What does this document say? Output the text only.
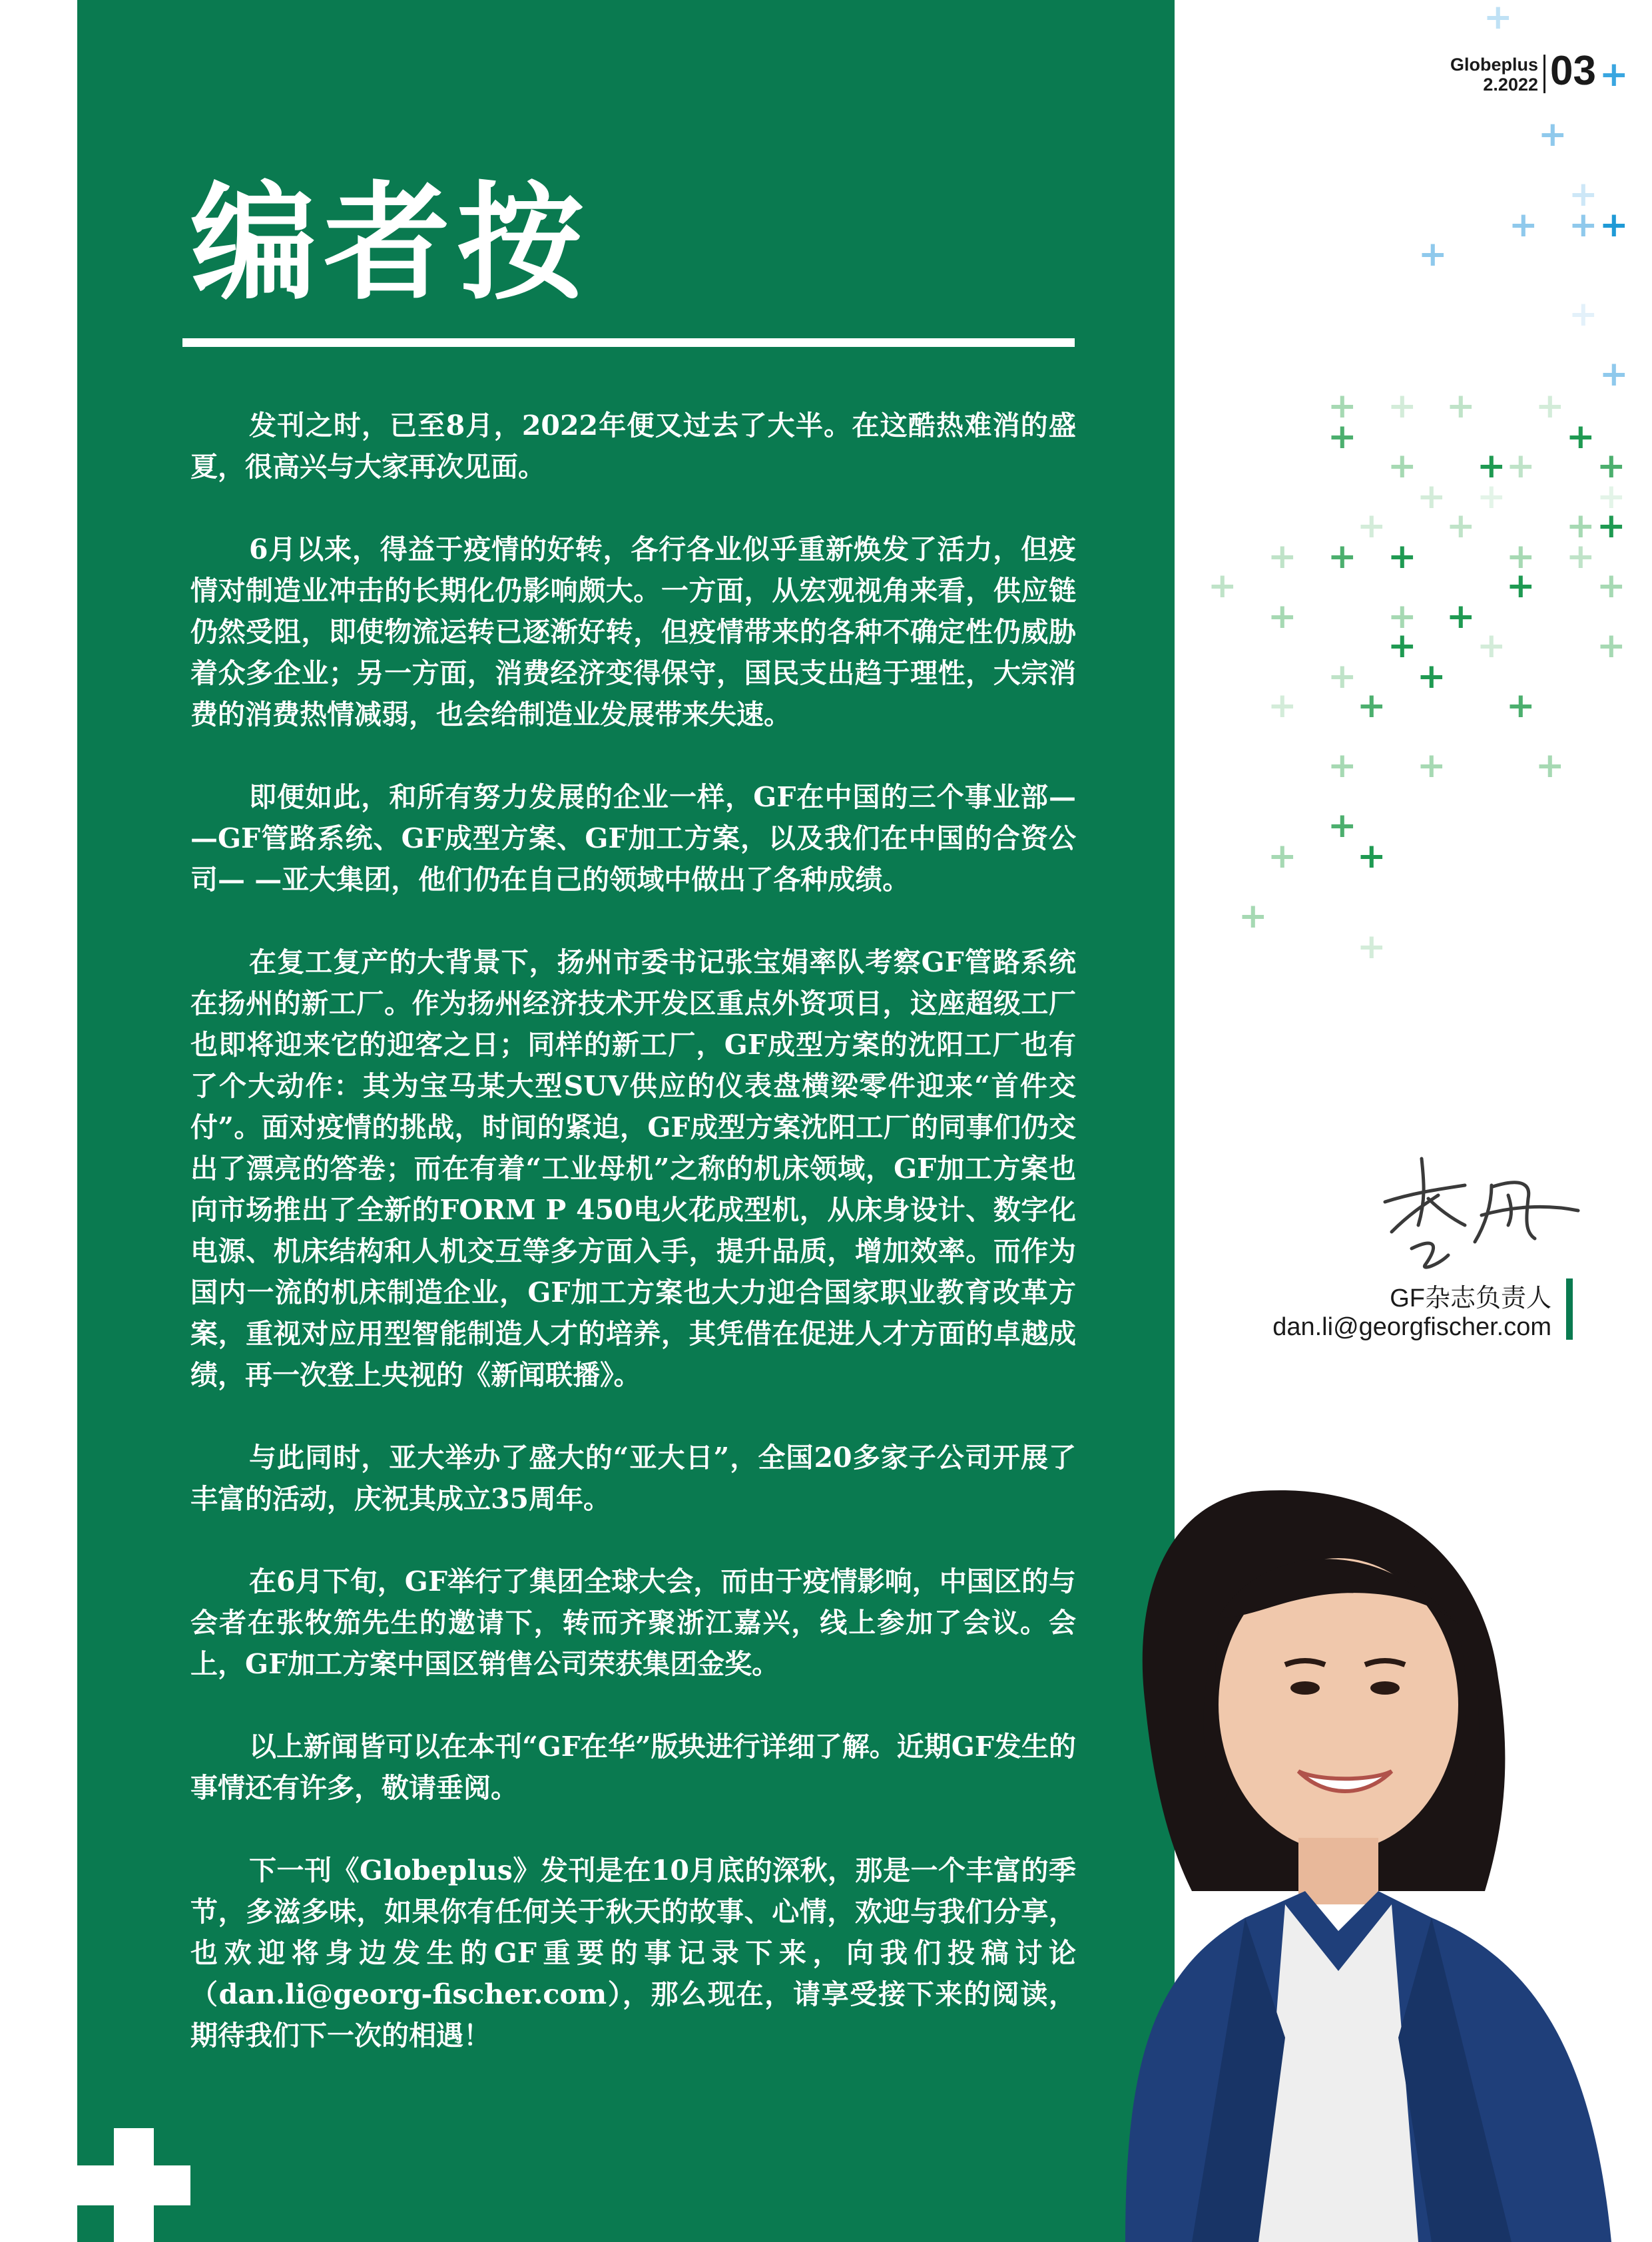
Globeplus
2.2022 03
编者按

发刊之时，已至8月，2022年便又过去了大半。在这酷热难消的盛夏，很高兴与大家再次见面。

6月以来，得益于疫情的好转，各行各业似乎重新焕发了活力，但疫情对制造业冲击的长期化仍影响颇大。一方面，从宏观视角来看，供应链仍然受阻，即使物流运转已逐渐好转，但疫情带来的各种不确定性仍威胁着众多企业；另一方面，消费经济变得保守，国民支出趋于理性，大宗消费的消费热情减弱，也会给制造业发展带来失速。

即便如此，和所有努力发展的企业一样，GF在中国的三个事业部— —GF管路系统、GF成型方案、GF加工方案，以及我们在中国的合资公司— —亚大集团，他们仍在自己的领域中做出了各种成绩。

在复工复产的大背景下，扬州市委书记张宝娟率队考察GF管路系统在扬州的新工厂。作为扬州经济技术开发区重点外资项目，这座超级工厂也即将迎来它的迎客之日；同样的新工厂，GF成型方案的沈阳工厂也有了个大动作：其为宝马某大型SUV供应的仪表盘横梁零件迎来“首件交付”。面对疫情的挑战，时间的紧迫，GF成型方案沈阳工厂的同事们仍交出了漂亮的答卷；而在有着“工业母机”之称的机床领域，GF加工方案也向市场推出了全新的FORM P 450电火花成型机，从床身设计、数字化电源、机床结构和人机交互等多方面入手，提升品质，增加效率。而作为国内一流的机床制造企业，GF加工方案也大力迎合国家职业教育改革方案，重视对应用型智能制造人才的培养，其凭借在促进人才方面的卓越成绩，再一次登上央视的《新闻联播》。

与此同时，亚大举办了盛大的“亚大日”，全国20多家子公司开展了丰富的活动，庆祝其成立35周年。

在6月下旬，GF举行了集团全球大会，而由于疫情影响，中国区的与会者在张牧笳先生的邀请下，转而齐聚浙江嘉兴，线上参加了会议。会上，GF加工方案中国区销售公司荣获集团金奖。

以上新闻皆可以在本刊“GF在华”版块进行详细了解。近期GF发生的事情还有许多，敬请垂阅。

下一刊《Globeplus》发刊是在10月底的深秋，那是一个丰富的季节，多滋多味，如果你有任何关于秋天的故事、心情，欢迎与我们分享，也欢迎将身边发生的GF重要的事记录下来，向我们投稿讨论（dan.li@georg-fischer.com），那么现在，请享受接下来的阅读，期待我们下一次的相遇！

+
+
+
+
+ + +
+
+
+
+ + + +
+	+
+ + + +
+ +	+
+ +	+ +
+ + +	+ +
+	+ +
+	+ +
+ +	+
+ +
+ +	+
+ +	+
+
+ +
+
+
GF杂志负责人
dan.li@georgfischer.com
